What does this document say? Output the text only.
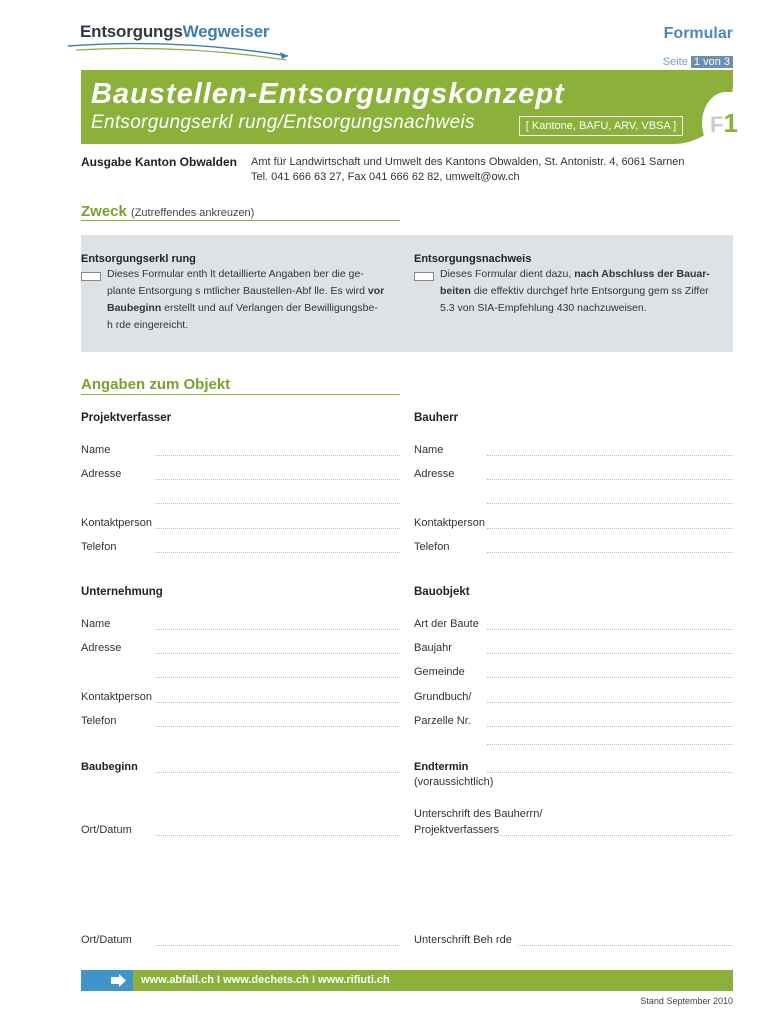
EntsorgungsWegweiser	Formular
Seite 1 von 3
Baustellen-Entsorgungskonzept
Entsorgungserkl rung/Entsorgungsnachweis	[ Kantone, BAFU, ARV, VBSA ]	F1
Ausgabe Kanton Obwalden Amt für Landwirtschaft und Umwelt des Kantons Obwalden, St. Antonistr. 4, 6061 Sarnen
Tel. 041 666 63 27, Fax 041 666 62 82, umwelt@ow.ch
Zweck (Zutreffendes ankreuzen)
Entsorgungserkl rung
Dieses Formular enth lt detaillierte Angaben ber die ge-
plante Entsorgung s mtlicher Baustellen-Abf lle. Es wird vor
Baubeginn erstellt und auf Verlangen der Bewilligungsbe-
h rde eingereicht.
Entsorgungsnachweis
Dieses Formular dient dazu, nach Abschluss der Bauar-
beiten die effektiv durchgef hrte Entsorgung gem ss Ziffer
5.3 von SIA-Empfehlung 430 nachzuweisen.
Angaben zum Objekt
Projektverfasser
Name
Adresse
Kontaktperson
Telefon
Bauherr
Name
Adresse
Kontaktperson
Telefon
Unternehmung
Name
Adresse
Kontaktperson
Telefon
Bauobjekt
Art der Baute
Baujahr
Gemeinde
Grundbuch/
Parzelle Nr.
Baubeginn	Endtermin
(voraussichtlich)
Unterschrift des Bauherrn/
Projektverfassers
Ort/Datum
Ort/Datum	Unterschrift Beh rde
www.abfall.ch I www.dechets.ch I www.rifiuti.ch
Stand September 2010
